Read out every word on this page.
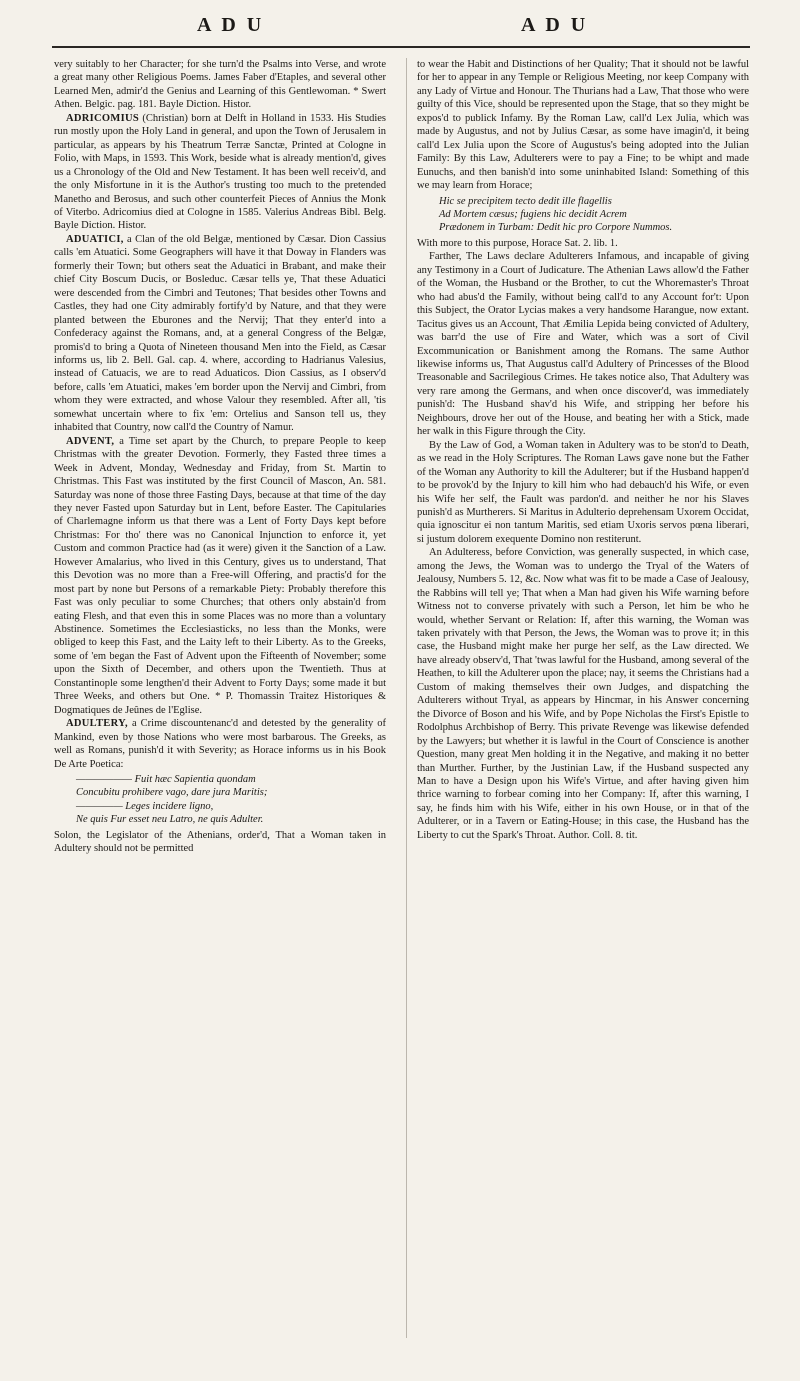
A D U	A D U

very suitably to her Character; for she turn'd the Psalms into Verse, and wrote a great many other Religious Poems. James Faber d'Etaples, and several other Learned Men, admir'd the Genius and Learning of this Gentlewoman. * Swert Athen. Belgic. pag. 181. Bayle Diction. Histor.

ADRICOMIUS (Christian) born at Delft in Holland in 1533. His Studies run mostly upon the Holy Land in general, and upon the Town of Jerusalem in particular, as appears by his Theatrum Terræ Sanctæ, Printed at Cologne in Folio, with Maps, in 1593. This Work, beside what is already mention'd, gives us a Chronology of the Old and New Testament. It has been well receiv'd, and the only Misfortune in it is the Author's trusting too much to the pretended Manetho and Berosus, and such other counterfeit Pieces of Annius the Monk of Viterbo. Adricomius died at Cologne in 1585. Valerius Andreas Bibl. Belg. Bayle Diction. Histor.

ADUATICI, a Clan of the old Belgæ, mentioned by Cæsar. Dion Cassius calls 'em Atuatici. Some Geographers will have it that Doway in Flanders was formerly their Town; but others seat the Aduatici in Brabant, and make their chief City Boscum Ducis, or Bosleduc. Cæsar tells ye, That these Aduatici were descended from the Cimbri and Teutones; That besides other Towns and Castles, they had one City admirably fortify'd by Nature, and that they were planted between the Eburones and the Nervij; That they enter'd into a Confederacy against the Romans, and, at a general Congress of the Belgæ, promis'd to bring a Quota of Nineteen thousand Men into the Field, as Cæsar informs us, lib 2. Bell. Gal. cap. 4. where, according to Hadrianus Valesius, instead of Catuacis, we are to read Aduaticos. Dion Cassius, as I observ'd before, calls 'em Atuatici, makes 'em border upon the Nervij and Cimbri, from whom they were extracted, and whose Valour they resembled. After all, 'tis somewhat uncertain where to fix 'em: Ortelius and Sanson tell us, they inhabited that Country, now call'd the Country of Namur.

ADVENT, a Time set apart by the Church, to prepare People to keep Christmas with the greater Devotion. Formerly, they Fasted three times a Week in Advent, Monday, Wednesday and Friday, from St. Martin to Christmas. This Fast was instituted by the first Council of Mascon, An. 581. Saturday was none of those three Fasting Days, because at that time of the day they never Fasted upon Saturday but in Lent, before Easter. The Capitularies of Charlemagne inform us that there was a Lent of Forty Days kept before Christmas: For tho' there was no Canonical Injunction to enforce it, yet Custom and common Practice had (as it were) given it the Sanction of a Law. However Amalarius, who lived in this Century, gives us to understand, That this Devotion was no more than a Free-will Offering, and practis'd for the most part by none but Persons of a remarkable Piety: Probably therefore this Fast was only peculiar to some Churches; that others only abstain'd from eating Flesh, and that even this in some Places was no more than a voluntary Abstinence. Sometimes the Ecclesiasticks, no less than the Monks, were obliged to keep this Fast, and the Laity left to their Liberty. As to the Greeks, some of 'em began the Fast of Advent upon the Fifteenth of November; some upon the Sixth of December, and others upon the Twentieth. Thus at Constantinople some lengthen'd their Advent to Forty Days; some made it but Three Weeks, and others but One. * P. Thomassin Traitez Historiques & Dogmatiques de Jeûnes de l'Eglise.

ADULTERY, a Crime discountenanc'd and detested by the generality of Mankind, even by those Nations who were most barbarous. The Greeks, as well as Romans, punish'd it with Severity; as Horace informs us in his Book De Arte Poetica:

—————— Fuit hæc Sapientia quondam
Concubitu prohibere vago, dare jura Maritis;
————— Leges incidere ligno,
Ne quis Fur esset neu Latro, ne quis Adulter.

Solon, the Legislator of the Athenians, order'd, That a Woman taken in Adultery should not be permitted

to wear the Habit and Distinctions of her Quality; That it should not be lawful for her to appear in any Temple or Religious Meeting, nor keep Company with any Lady of Virtue and Honour. The Thurians had a Law, That those who were guilty of this Vice, should be represented upon the Stage, that so they might be expos'd to publick Infamy. By the Roman Law, call'd Lex Julia, which was made by Augustus, and not by Julius Cæsar, as some have imagin'd, it being call'd Lex Julia upon the Score of Augustus's being adopted into the Julian Family: By this Law, Adulterers were to pay a Fine; to be whipt and made Eunuchs, and then banish'd into some uninhabited Island: Something of this we may learn from Horace;

Hic se precipitem tecto dedit ille flagellis
Ad Mortem cæsus; fugiens hic decidit Acrem
Prædonem in Turbam: Dedit hic pro Corpore Nummos.

With more to this purpose, Horace Sat. 2. lib. 1.

Farther, The Laws declare Adulterers Infamous, and incapable of giving any Testimony in a Court of Judicature. The Athenian Laws allow'd the Father of the Woman, the Husband or the Brother, to cut the Whoremaster's Throat who had abus'd the Family, without being call'd to any Account for't: Upon this Subject, the Orator Lycias makes a very handsome Harangue, now extant. Tacitus gives us an Account, That Æmilia Lepida being convicted of Adultery, was barr'd the use of Fire and Water, which was a sort of Civil Excommunication or Banishment among the Romans. The same Author likewise informs us, That Augustus call'd Adultery of Princesses of the Blood Treasonable and Sacrilegious Crimes. He takes notice also, That Adultery was very rare among the Germans, and when once discover'd, was immediately punish'd: The Husband shav'd his Wife, and stripping her before his Neighbours, drove her out of the House, and beating her with a Stick, made her walk in this Figure through the City.

By the Law of God, a Woman taken in Adultery was to be ston'd to Death, as we read in the Holy Scriptures. The Roman Laws gave none but the Father of the Woman any Authority to kill the Adulterer; but if the Husband happen'd to be provok'd by the Injury to kill him who had debauch'd his Wife, or even his Wife her self, the Fault was pardon'd. and neither he nor his Slaves punish'd as Murtherers. Si Maritus in Adulterio deprehensam Uxorem Occidat, quia ignoscitur ei non tantum Maritis, sed etiam Uxoris servos pœna liberari, si justum dolorem exequente Domino non restiterunt.

An Adulteress, before Conviction, was generally suspected, in which case, among the Jews, the Woman was to undergo the Tryal of the Waters of Jealousy, Numbers 5. 12, &c. Now what was fit to be made a Case of Jealousy, the Rabbins will tell ye; That when a Man had given his Wife warning before Witness not to converse privately with such a Person, let him be who he would, whether Servant or Relation: If, after this warning, the Woman was taken privately with that Person, the Jews, the Woman was to prove it; in this case, the Husband might make her purge her self, as the Law directed. We have already observ'd, That 'twas lawful for the Husband, among several of the Heathen, to kill the Adulterer upon the place; nay, it seems the Christians had a Custom of making themselves their own Judges, and dispatching the Adulterers without Tryal, as appears by Hincmar, in his Answer concerning the Divorce of Boson and his Wife, and by Pope Nicholas the First's Epistle to Rodolphus Archbishop of Berry. This private Revenge was likewise defended by the Lawyers; but whether it is lawful in the Court of Conscience is another Question, many great Men holding it in the Negative, and making it no better than Murther. Further, by the Justinian Law, if the Husband suspected any Man to have a Design upon his Wife's Virtue, and after having given him thrice warning to forbear coming into her Company: If, after this warning, I say, he finds him with his Wife, either in his own House, or in that of the Adulterer, or in a Tavern or Eating-House; in this case, the Husband has the Liberty to cut the Spark's Throat. Author. Coll. 8. tit.
